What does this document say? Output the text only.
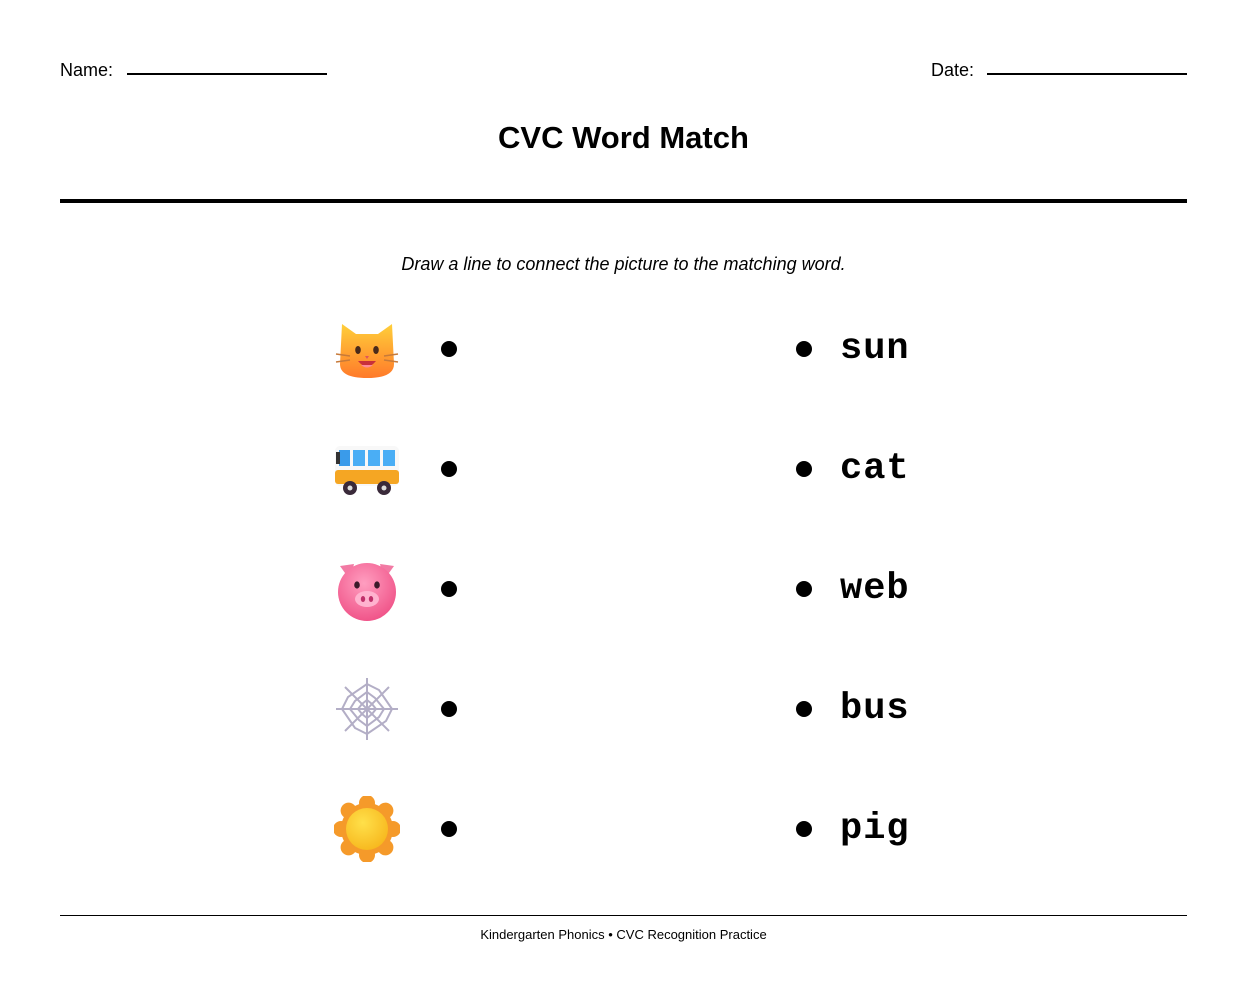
Name:	Date:
CVC Word Match
Draw a line to connect the picture to the matching word.
sun
cat
web
bus
pig
Kindergarten Phonics • CVC Recognition Practice
